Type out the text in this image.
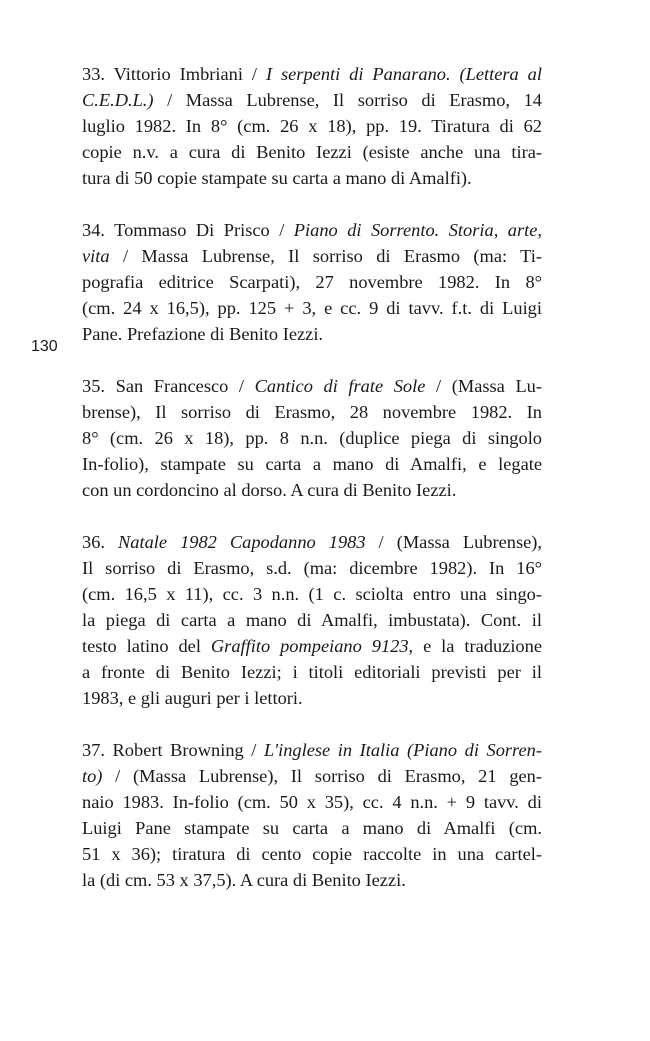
130

33. Vittorio Imbriani / I serpenti di Panarano. (Lettera al
C.E.D.L.) / Massa Lubrense, Il sorriso di Erasmo, 14
luglio 1982. In 8° (cm. 26 x 18), pp. 19. Tiratura di 62
copie n.v. a cura di Benito Iezzi (esiste anche una tira-
tura di 50 copie stampate su carta a mano di Amalfi).

34. Tommaso Di Prisco / Piano di Sorrento. Storia, arte,
vita / Massa Lubrense, Il sorriso di Erasmo (ma: Ti-
pografia editrice Scarpati), 27 novembre 1982. In 8°
(cm. 24 x 16,5), pp. 125 + 3, e cc. 9 di tavv. f.t. di Luigi
Pane. Prefazione di Benito Iezzi.

35. San Francesco / Cantico di frate Sole / (Massa Lu-
brense), Il sorriso di Erasmo, 28 novembre 1982. In
8° (cm. 26 x 18), pp. 8 n.n. (duplice piega di singolo
In-folio), stampate su carta a mano di Amalfi, e legate
con un cordoncino al dorso. A cura di Benito Iezzi.

36. Natale 1982 Capodanno 1983 / (Massa Lubrense),
Il sorriso di Erasmo, s.d. (ma: dicembre 1982). In 16°
(cm. 16,5 x 11), cc. 3 n.n. (1 c. sciolta entro una singo-
la piega di carta a mano di Amalfi, imbustata). Cont. il
testo latino del Graffito pompeiano 9123, e la traduzione
a fronte di Benito Iezzi; i titoli editoriali previsti per il
1983, e gli auguri per i lettori.

37. Robert Browning / L'inglese in Italia (Piano di Sorren-
to) / (Massa Lubrense), Il sorriso di Erasmo, 21 gen-
naio 1983. In-folio (cm. 50 x 35), cc. 4 n.n. + 9 tavv. di
Luigi Pane stampate su carta a mano di Amalfi (cm.
51 x 36); tiratura di cento copie raccolte in una cartel-
la (di cm. 53 x 37,5). A cura di Benito Iezzi.
